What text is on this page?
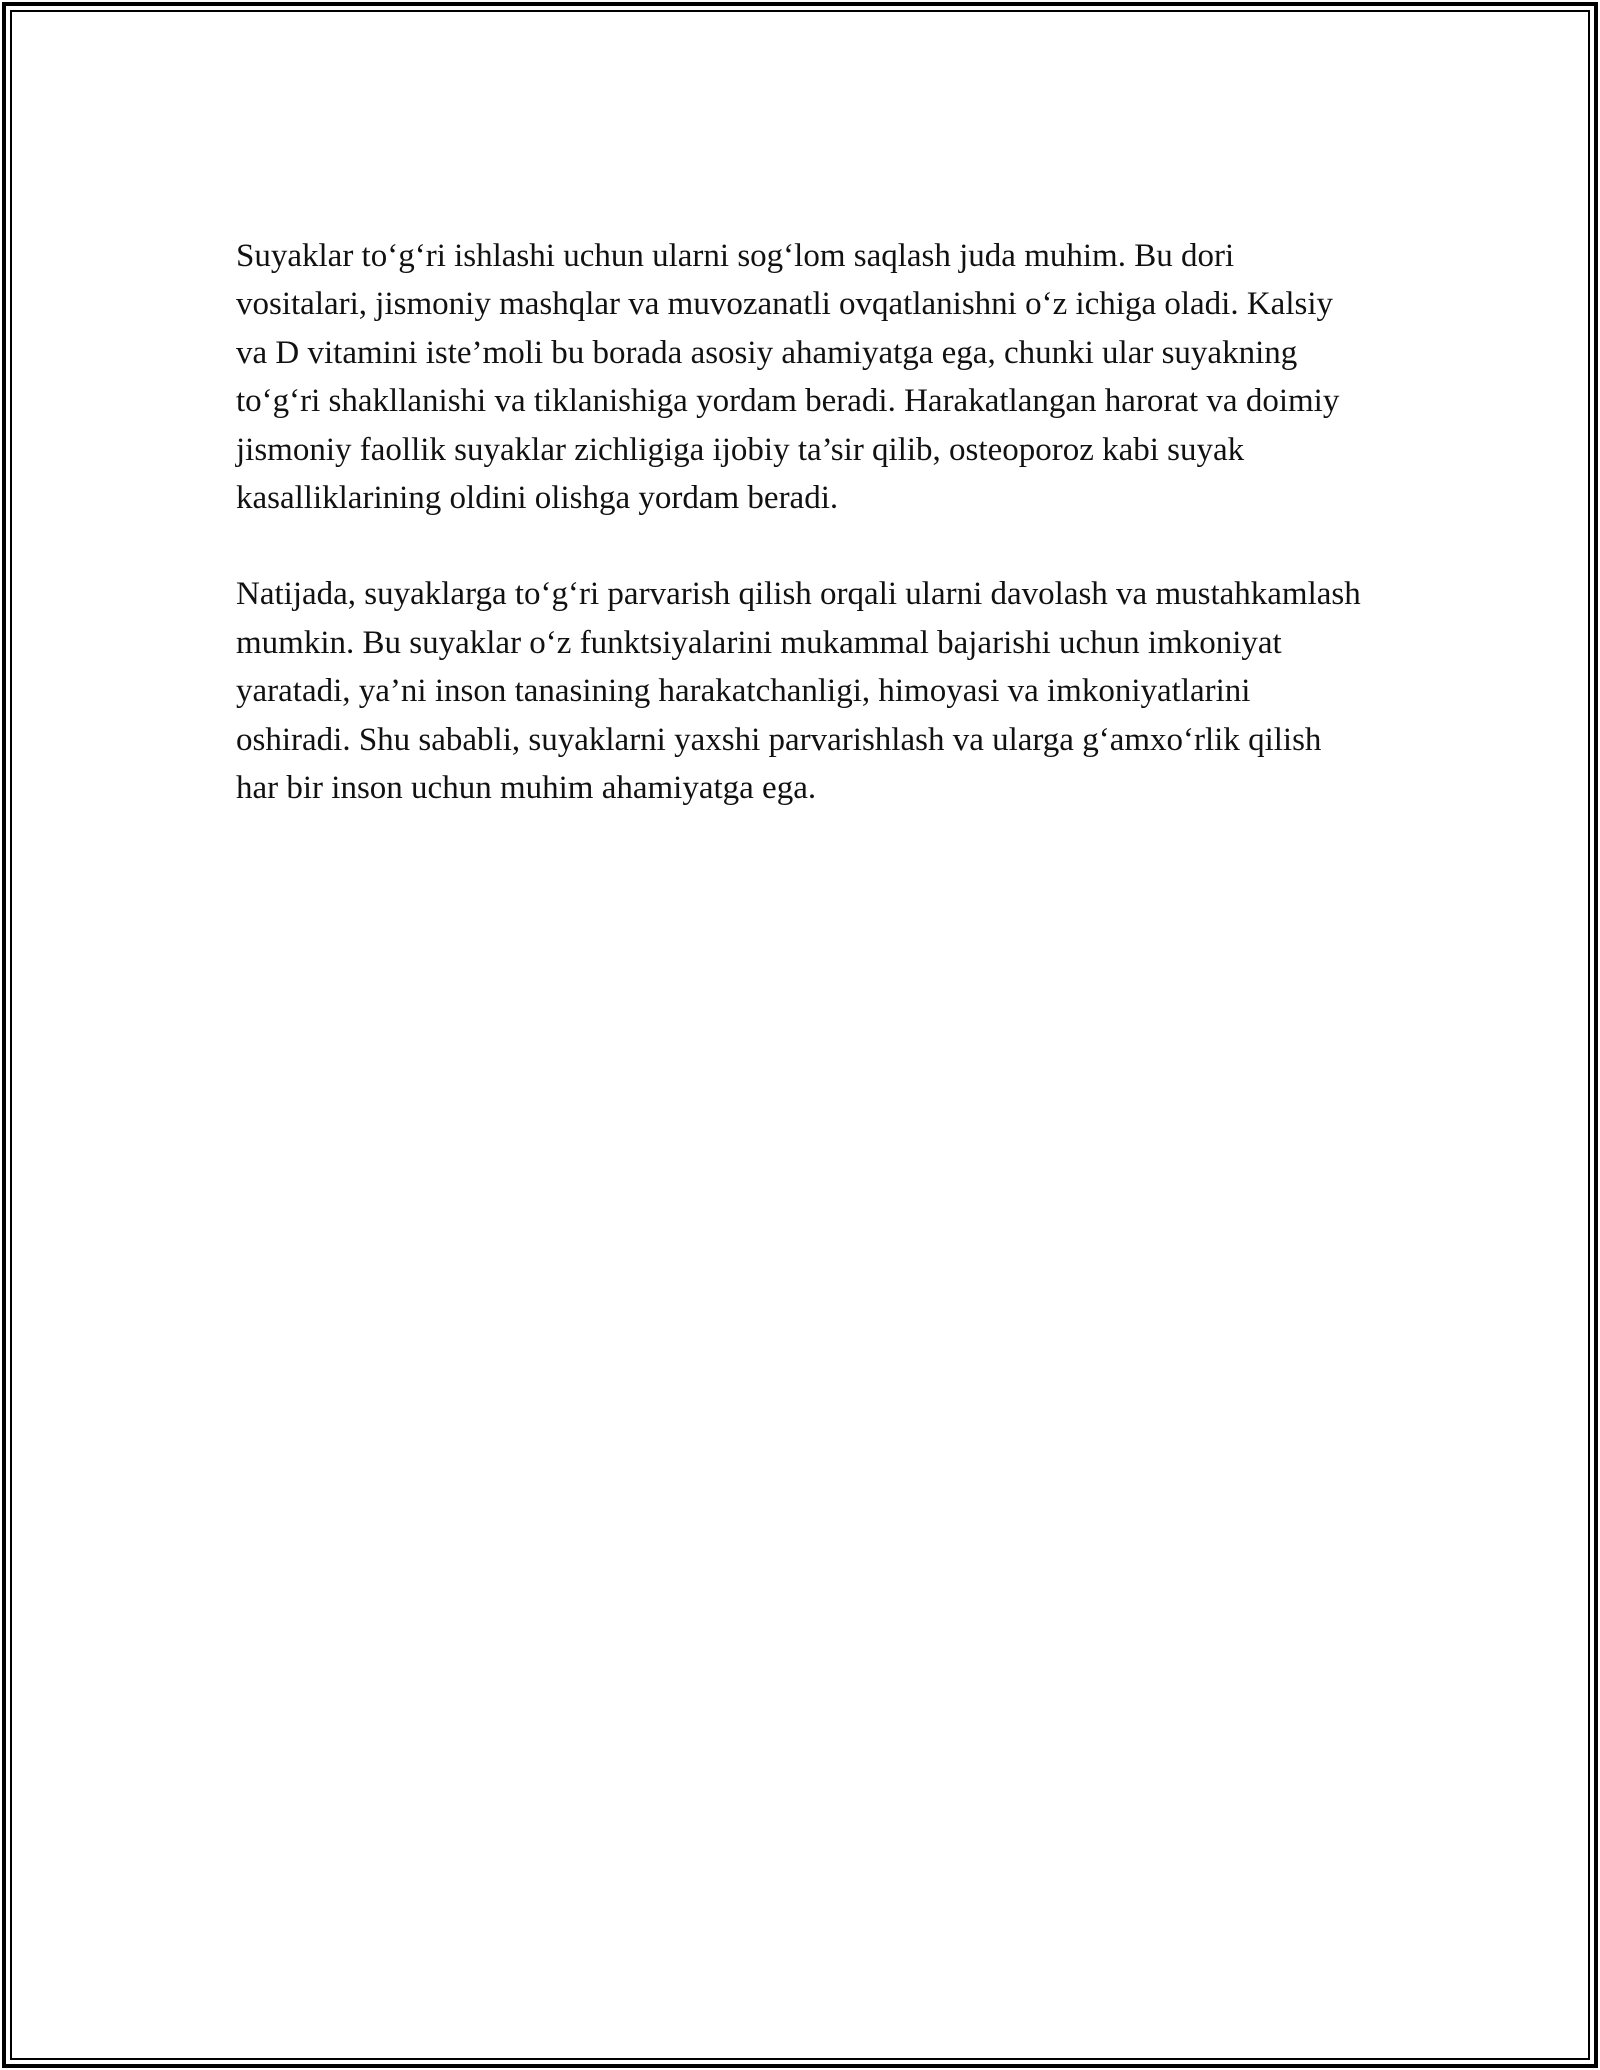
Suyaklar to‘g‘ri ishlashi uchun ularni sog‘lom saqlash juda muhim. Bu dori vositalari, jismoniy mashqlar va muvozanatli ovqatlanishni o‘z ichiga oladi. Kalsiy va D vitamini iste’moli bu borada asosiy ahamiyatga ega, chunki ular suyakning to‘g‘ri shakllanishi va tiklanishiga yordam beradi. Harakatlangan harorat va doimiy jismoniy faollik suyaklar zichligiga ijobiy ta’sir qilib, osteoporoz kabi suyak kasalliklarining oldini olishga yordam beradi.

Natijada, suyaklarga to‘g‘ri parvarish qilish orqali ularni davolash va mustahkamlash mumkin. Bu suyaklar o‘z funktsiyalarini mukammal bajarishi uchun imkoniyat yaratadi, ya’ni inson tanasining harakatchanligi, himoyasi va imkoniyatlarini oshiradi. Shu sababli, suyaklarni yaxshi parvarishlash va ularga g‘amxo‘rlik qilish har bir inson uchun muhim ahamiyatga ega.
